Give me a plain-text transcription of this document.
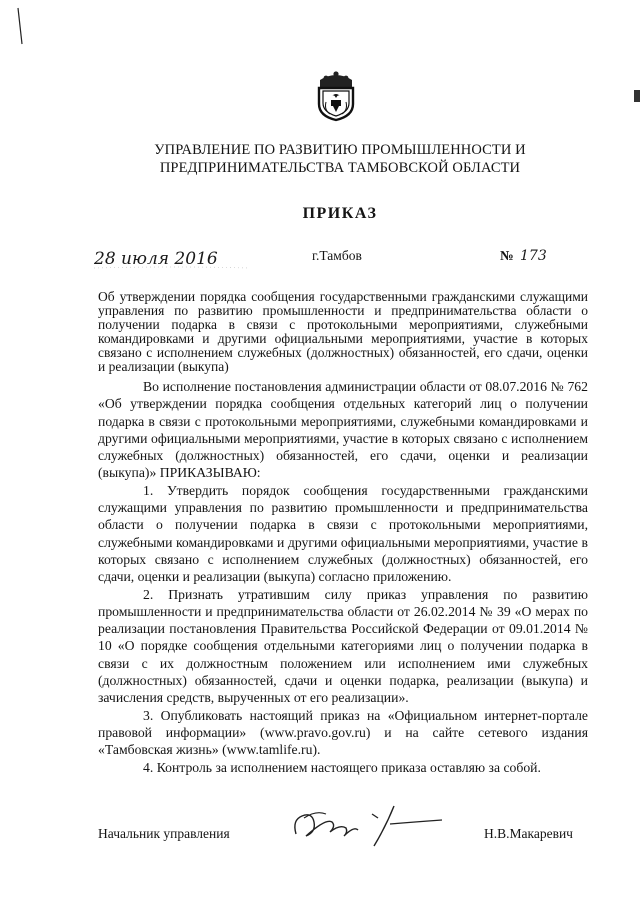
УПРАВЛЕНИЕ ПО РАЗВИТИЮ ПРОМЫШЛЕННОСТИ И ПРЕДПРИНИМАТЕЛЬСТВА ТАМБОВСКОЙ ОБЛАСТИ
ПРИКАЗ
28 июля 2016	г.Тамбов	№ 173
Об утверждении порядка сообщения государственными гражданскими служащими управления по развитию промышленности и предпринимательства области о получении подарка в связи с протокольными мероприятиями, служебными командировками и другими официальными мероприятиями, участие в которых связано с исполнением служебных (должностных) обязанностей, его сдачи, оценки и реализации (выкупа)

Во исполнение постановления администрации области от 08.07.2016 № 762 «Об утверждении порядка сообщения отдельных категорий лиц о получении подарка в связи с протокольными мероприятиями, служебными командировками и другими официальными мероприятиями, участие в которых связано с исполнением служебных (должностных) обязанностей, его сдачи, оценки и реализации (выкупа)» ПРИКАЗЫВАЮ:

1. Утвердить порядок сообщения государственными гражданскими служащими управления по развитию промышленности и предпринимательства области о получении подарка в связи с протокольными мероприятиями, служебными командировками и другими официальными мероприятиями, участие в которых связано с исполнением служебных (должностных) обязанностей, его сдачи, оценки и реализации (выкупа) согласно приложению.

2. Признать утратившим силу приказ управления по развитию промышленности и предпринимательства области от 26.02.2014 № 39 «О мерах по реализации постановления Правительства Российской Федерации от 09.01.2014 № 10 «О порядке сообщения отдельными категориями лиц о получении подарка в связи с их должностным положением или исполнением ими служебных (должностных) обязанностей, сдачи и оценки подарка, реализации (выкупа) и зачисления средств, вырученных от его реализации».

3. Опубликовать настоящий приказ на «Официальном интернет-портале правовой информации» (www.pravo.gov.ru) и на сайте сетевого издания «Тамбовская жизнь» (www.tamlife.ru).

4. Контроль за исполнением настоящего приказа оставляю за собой.

Начальник управления	Н.В.Макаревич
